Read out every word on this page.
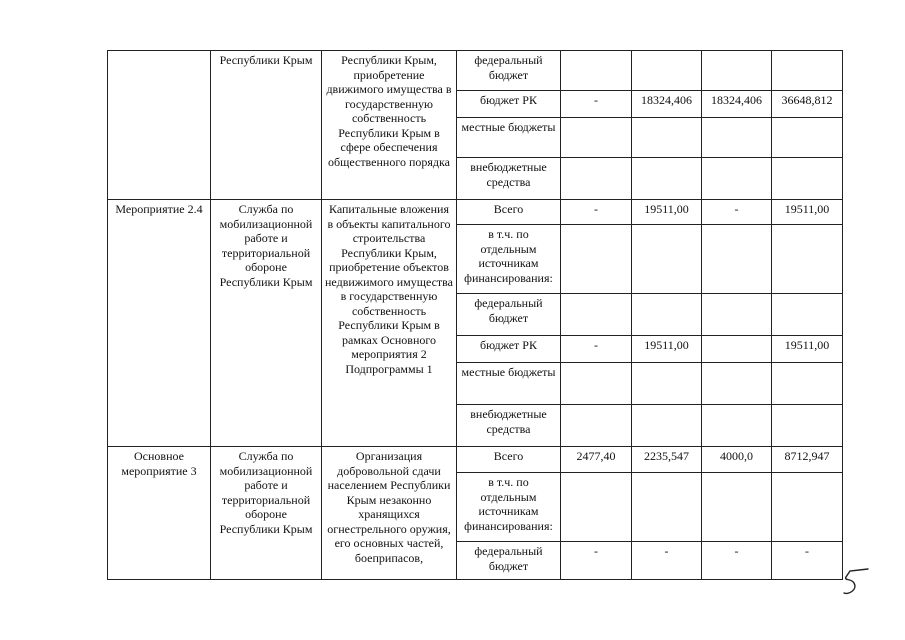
	Республики Крым	Республики Крым, приобретение движимого имущества в государственную собственность Республики Крым в сфере обеспечения общественного порядка	федеральный бюджет				
			бюджет РК	-	18324,406	18324,406	36648,812
			местные бюджеты				
			внебюджетные средства				
Мероприятие 2.4	Служба по мобилизационной работе и территориальной обороне Республики Крым	Капитальные вложения в объекты капитального строительства Республики Крым, приобретение объектов недвижимого имущества в государственную собственность Республики Крым в рамках Основного мероприятия 2 Подпрограммы 1	Всего	-	19511,00	-	19511,00
			в т.ч. по отдельным источникам финансирования:				
			федеральный бюджет				
			бюджет РК	-	19511,00		19511,00
			местные бюджеты				
			внебюджетные средства				
Основное мероприятие 3	Служба по мобилизационной работе и территориальной обороне Республики Крым	Организация добровольной сдачи населением Республики Крым незаконно хранящихся огнестрельного оружия, его основных частей, боеприпасов,	Всего	2477,40	2235,547	4000,0	8712,947
			в т.ч. по отдельным источникам финансирования:				
			федеральный бюджет	-	-	-	-
